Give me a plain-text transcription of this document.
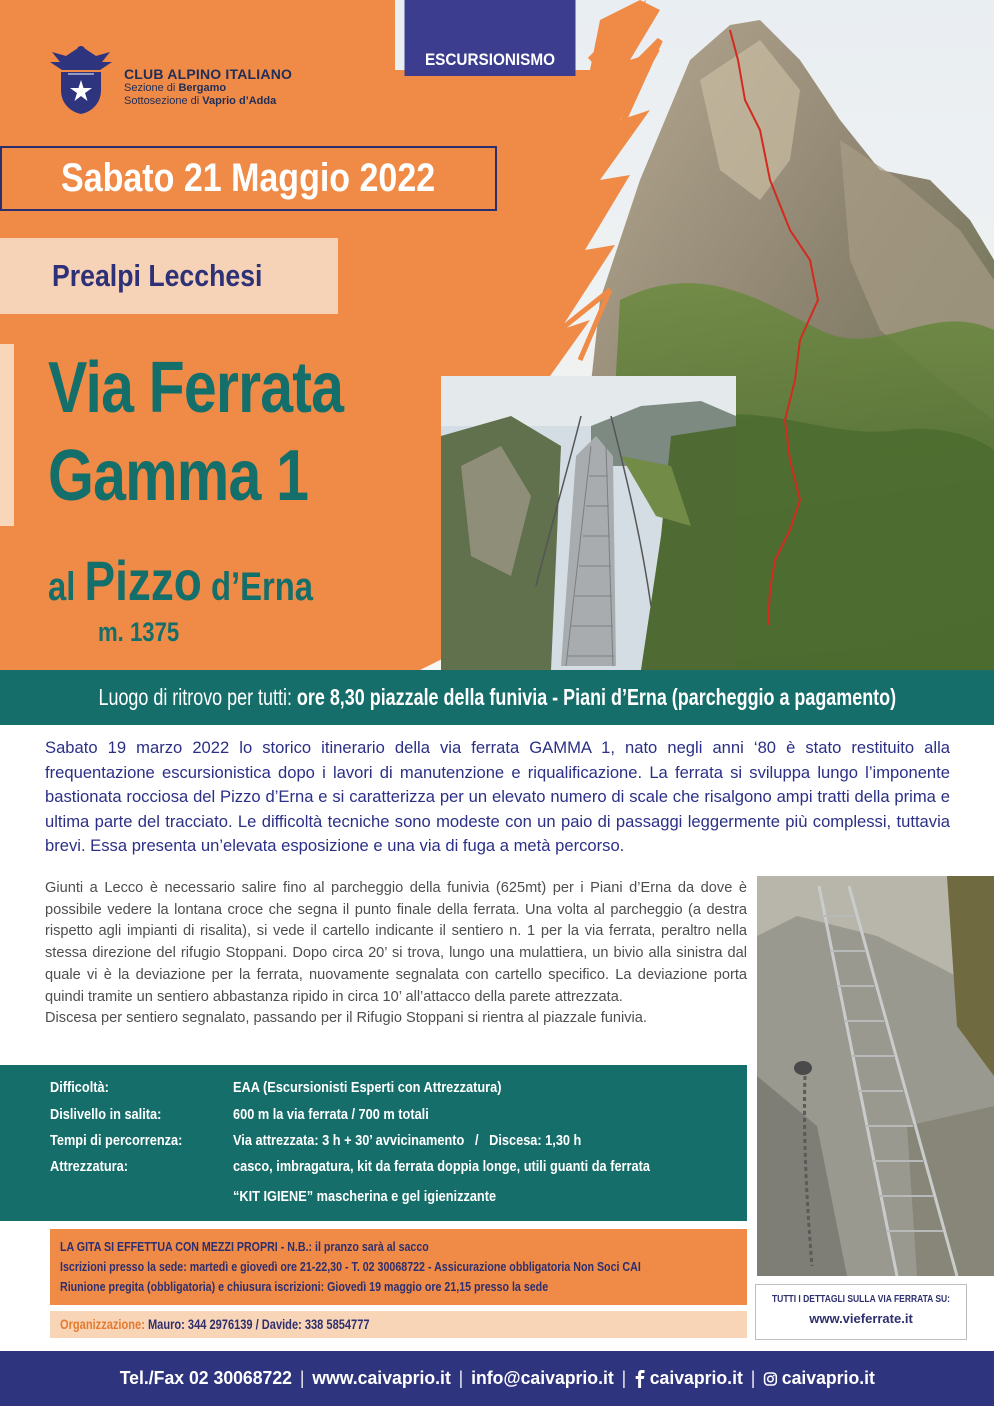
CLUB ALPINO ITALIANO
Sezione di Bergamo
Sottosezione di Vaprio d’Adda
ESCURSIONISMO
Sabato 21 Maggio 2022
Prealpi Lecchesi
Via Ferrata
Gamma 1
al Pizzo d’Erna
m. 1375
Luogo di ritrovo per tutti: ore 8,30 piazzale della funivia - Piani d’Erna (parcheggio a pagamento)
Sabato 19 marzo 2022 lo storico itinerario della via ferrata GAMMA 1, nato negli anni ‘80 è stato restituito alla frequentazione escursionistica dopo i lavori di manutenzione e riqualificazione. La ferrata si sviluppa lungo l’imponente bastionata rocciosa del Pizzo d’Erna e si caratterizza per un elevato numero di scale che risalgono ampi tratti della prima e ultima parte del tracciato. Le difficoltà tecniche sono modeste con un paio di passaggi leggermente più complessi, tuttavia brevi. Essa presenta un’elevata esposizione e una via di fuga a metà percorso.

Giunti a Lecco è necessario salire fino al parcheggio della funivia (625mt) per i Piani d’Erna da dove è possibile vedere la lontana croce che segna il punto finale della ferrata. Una volta al parcheggio (a destra rispetto agli impianti di risalita), si vede il cartello indicante il sentiero n. 1 per la via ferrata, peraltro nella stessa direzione del rifugio Stoppani. Dopo circa 20’ si trova, lungo una mulattiera, un bivio alla sinistra dal quale vi è la deviazione per la ferrata, nuovamente segnalata con cartello specifico. La deviazione porta quindi tramite un sentiero abbastanza ripido in circa 10’ all’attacco della parete attrezzata.

Discesa per sentiero segnalato, passando per il Rifugio Stoppani si rientra al piazzale funivia.

Difficoltà:	EAA (Escursionisti Esperti con Attrezzatura)
Dislivello in salita:	600 m la via ferrata / 700 m totali
Tempi di percorrenza:	Via attrezzata: 3 h + 30’ avvicinamento   /   Discesa: 1,30 h
Attrezzatura:	casco, imbragatura, kit da ferrata doppia longe, utili guanti da ferrata
“KIT IGIENE” mascherina e gel igienizzante
LA GITA SI EFFETTUA CON MEZZI PROPRI - N.B.: il pranzo sarà al sacco
Iscrizioni presso la sede: martedì e giovedì ore 21-22,30 - T. 02 30068722 - Assicurazione obbligatoria Non Soci CAI
Riunione pregita (obbligatoria) e chiusura iscrizioni: Giovedì 19 maggio ore 21,15 presso la sede
Organizzazione: Mauro: 344 2976139 / Davide: 338 5854777
TUTTI I DETTAGLI SULLA VIA FERRATA SU:
www.vieferrate.it
Tel./Fax 02 30068722 | www.caivaprio.it | info@caivaprio.it | caivaprio.it | caivaprio.it
